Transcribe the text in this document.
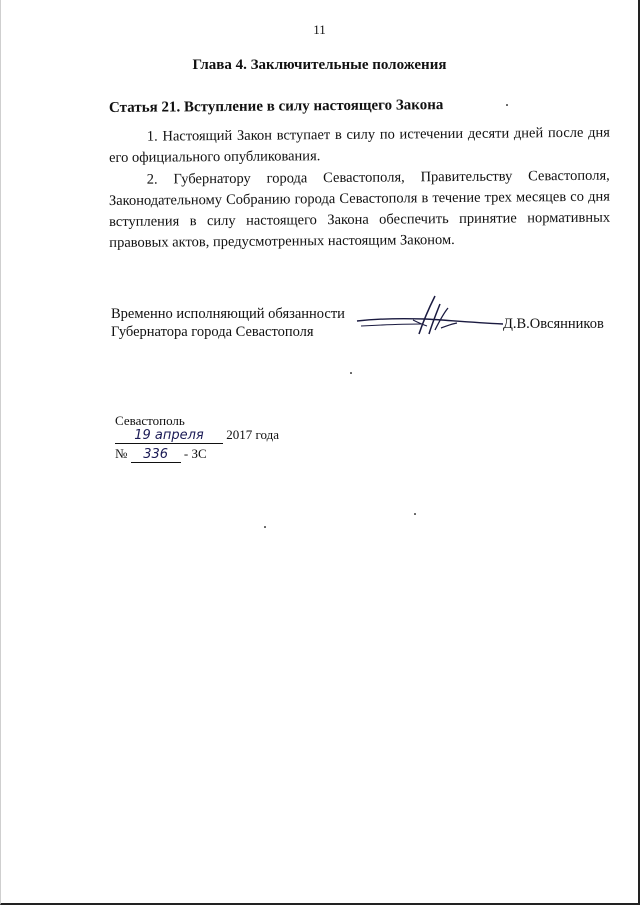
11
Глава 4. Заключительные положения
Статья 21. Вступление в силу настоящего Закона

1. Настоящий Закон вступает в силу по истечении десяти дней после дня его официального опубликования.

2. Губернатору города Севастополя, Правительству Севастополя, Законодательному Собранию города Севастополя в течение трех месяцев со дня вступления в силу настоящего Закона обеспечить принятие нормативных правовых актов, предусмотренных настоящим Законом.

Временно исполняющий обязанности
Губернатора города Севастополя	Д.В.Овсянников
Севастополь
19 апреля 2017 года
№ 336 - ЗС
